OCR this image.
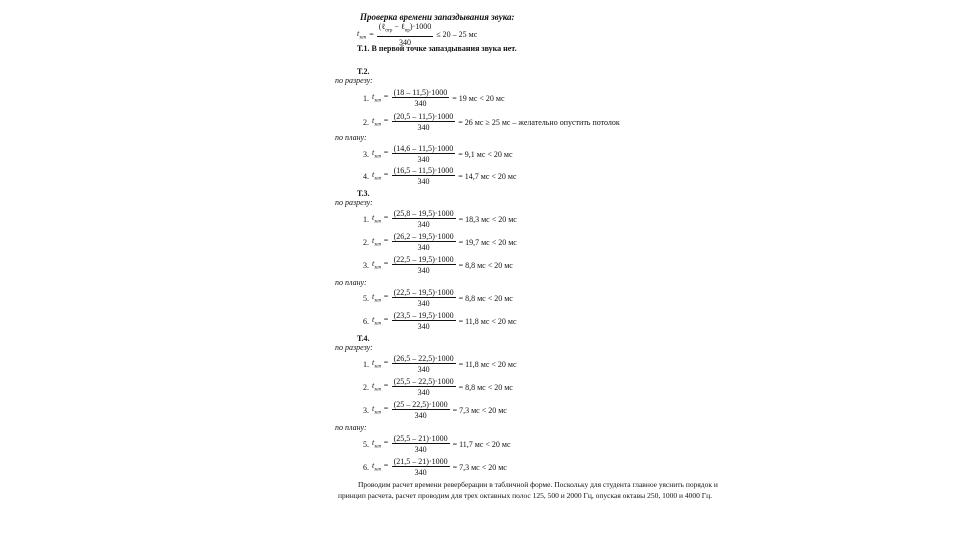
Проверка времени запаздывания звука:
$t_{зап} = \frac{(\ell_{отр} - \ell_{пр})\cdot 1000}{340} \le 20 - 25$ мс
Т.1. В первой точке запаздывания звука нет.
Т.2.
по разрезу:
1. $t_{зап} = \frac{(18 - 11,5)\cdot 1000}{340} = 19$ мс < 20 мс
2. $t_{зап} = \frac{(20,5 - 11,5)\cdot 1000}{340} = 26$ мс ≥ 25 мс – желательно опустить потолок
по плану:
3. $t_{зап} = \frac{(14,6 - 11,5)\cdot 1000}{340} = 9,1$ мс < 20 мс
4. $t_{зап} = \frac{(16,5 - 11,5)\cdot 1000}{340} = 14,7$ мс < 20 мс
Т.3.
по разрезу:
1. $t_{зап} = \frac{(25,8 - 19,5)\cdot 1000}{340} = 18,3$ мс < 20 мс
2. $t_{зап} = \frac{(26,2 - 19,5)\cdot 1000}{340} = 19,7$ мс < 20 мс
3. $t_{зап} = \frac{(22,5 - 19,5)\cdot 1000}{340} = 8,8$ мс < 20 мс
по плану:
5. $t_{зап} = \frac{(22,5 - 19,5)\cdot 1000}{340} = 8,8$ мс < 20 мс
6. $t_{зап} = \frac{(23,5 - 19,5)\cdot 1000}{340} = 11,8$ мс < 20 мс
Т.4.
по разрезу:
1. $t_{зап} = \frac{(26,5 - 22,5)\cdot 1000}{340} = 11,8$ мс < 20 мс
2. $t_{зап} = \frac{(25,5 - 22,5)\cdot 1000}{340} = 8,8$ мс < 20 мс
3. $t_{зап} = \frac{(25 - 22,5)\cdot 1000}{340} = 7,3$ мс < 20 мс
по плану:
5. $t_{зап} = \frac{(25,5 - 21)\cdot 1000}{340} = 11,7$ мс < 20 мс
6. $t_{зап} = \frac{(21,5 - 21)\cdot 1000}{340} = 7,3$ мс < 20 мс
Проводим расчет времени реверберации в табличной форме. Поскольку для студента главное уяснить порядок и принцип расчета, расчет проводим для трех октавных полос 125, 500 и 2000 Гц, опуская октавы 250, 1000 и 4000 Гц.
